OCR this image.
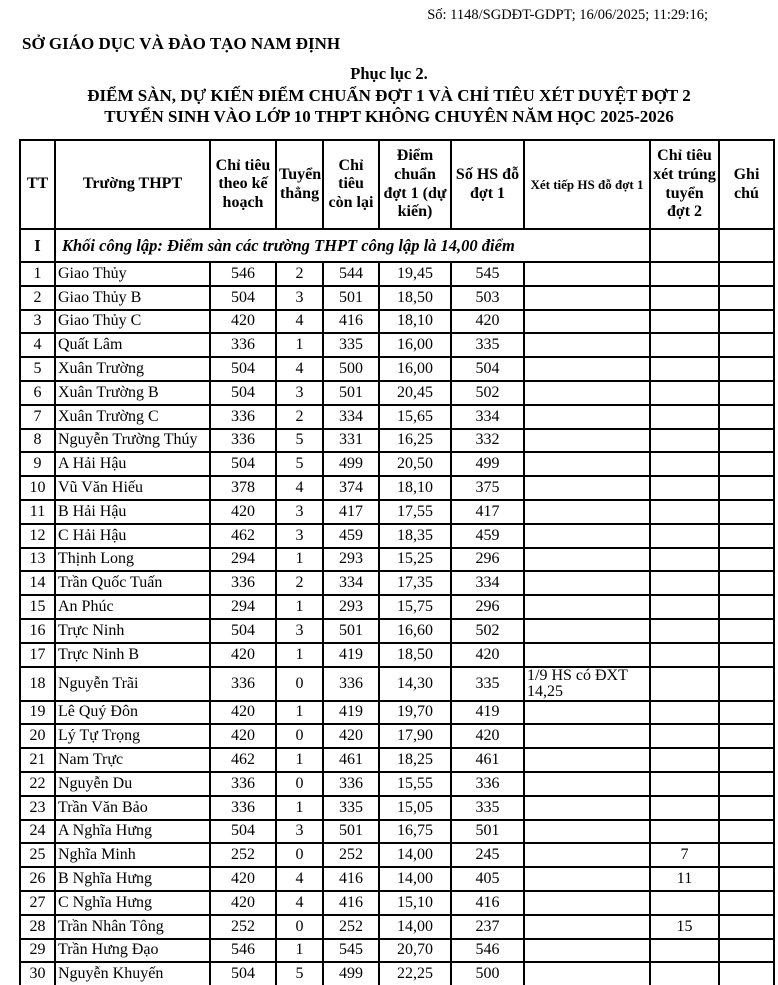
Số: 1148/SGDĐT-GDPT; 16/06/2025; 11:29:16;
SỞ GIÁO DỤC VÀ ĐÀO TẠO NAM ĐỊNH
Phục lục 2.
ĐIỂM SÀN, DỰ KIẾN ĐIỂM CHUẨN ĐỢT 1 VÀ CHỈ TIÊU XÉT DUYỆT ĐỢT 2
TUYỂN SINH VÀO LỚP 10 THPT KHÔNG CHUYÊN NĂM HỌC 2025-2026
TT	Trường THPT	Chỉ tiêu theo kế hoạch	Tuyển thẳng	Chỉ tiêu còn lại	Điểm chuẩn đợt 1 (dự kiến)	Số HS đỗ đợt 1	Xét tiếp HS đỗ đợt 1	Chỉ tiêu xét trúng tuyển đợt 2	Ghi chú
I	Khối công lập: Điểm sàn các trường THPT công lập là 14,00 điểm								
1	Giao Thủy	546	2	544	19,45	545			
2	Giao Thủy B	504	3	501	18,50	503			
3	Giao Thủy C	420	4	416	18,10	420			
4	Quất Lâm	336	1	335	16,00	335			
5	Xuân Trường	504	4	500	16,00	504			
6	Xuân Trường B	504	3	501	20,45	502			
7	Xuân Trường C	336	2	334	15,65	334			
8	Nguyễn Trường Thúy	336	5	331	16,25	332			
9	A Hải Hậu	504	5	499	20,50	499			
10	Vũ Văn Hiếu	378	4	374	18,10	375			
11	B Hải Hậu	420	3	417	17,55	417			
12	C Hải Hậu	462	3	459	18,35	459			
13	Thịnh Long	294	1	293	15,25	296			
14	Trần Quốc Tuấn	336	2	334	17,35	334			
15	An Phúc	294	1	293	15,75	296			
16	Trực Ninh	504	3	501	16,60	502			
17	Trực Ninh B	420	1	419	18,50	420			
18	Nguyễn Trãi	336	0	336	14,30	335	1/9 HS có ĐXT 14,25		
19	Lê Quý Đôn	420	1	419	19,70	419			
20	Lý Tự Trọng	420	0	420	17,90	420			
21	Nam Trực	462	1	461	18,25	461			
22	Nguyễn Du	336	0	336	15,55	336			
23	Trần Văn Bảo	336	1	335	15,05	335			
24	A Nghĩa Hưng	504	3	501	16,75	501			
25	Nghĩa Minh	252	0	252	14,00	245		7	
26	B Nghĩa Hưng	420	4	416	14,00	405		11	
27	C Nghĩa Hưng	420	4	416	15,10	416			
28	Trần Nhân Tông	252	0	252	14,00	237		15	
29	Trần Hưng Đạo	546	1	545	20,70	546			
30	Nguyễn Khuyến	504	5	499	22,25	500			
